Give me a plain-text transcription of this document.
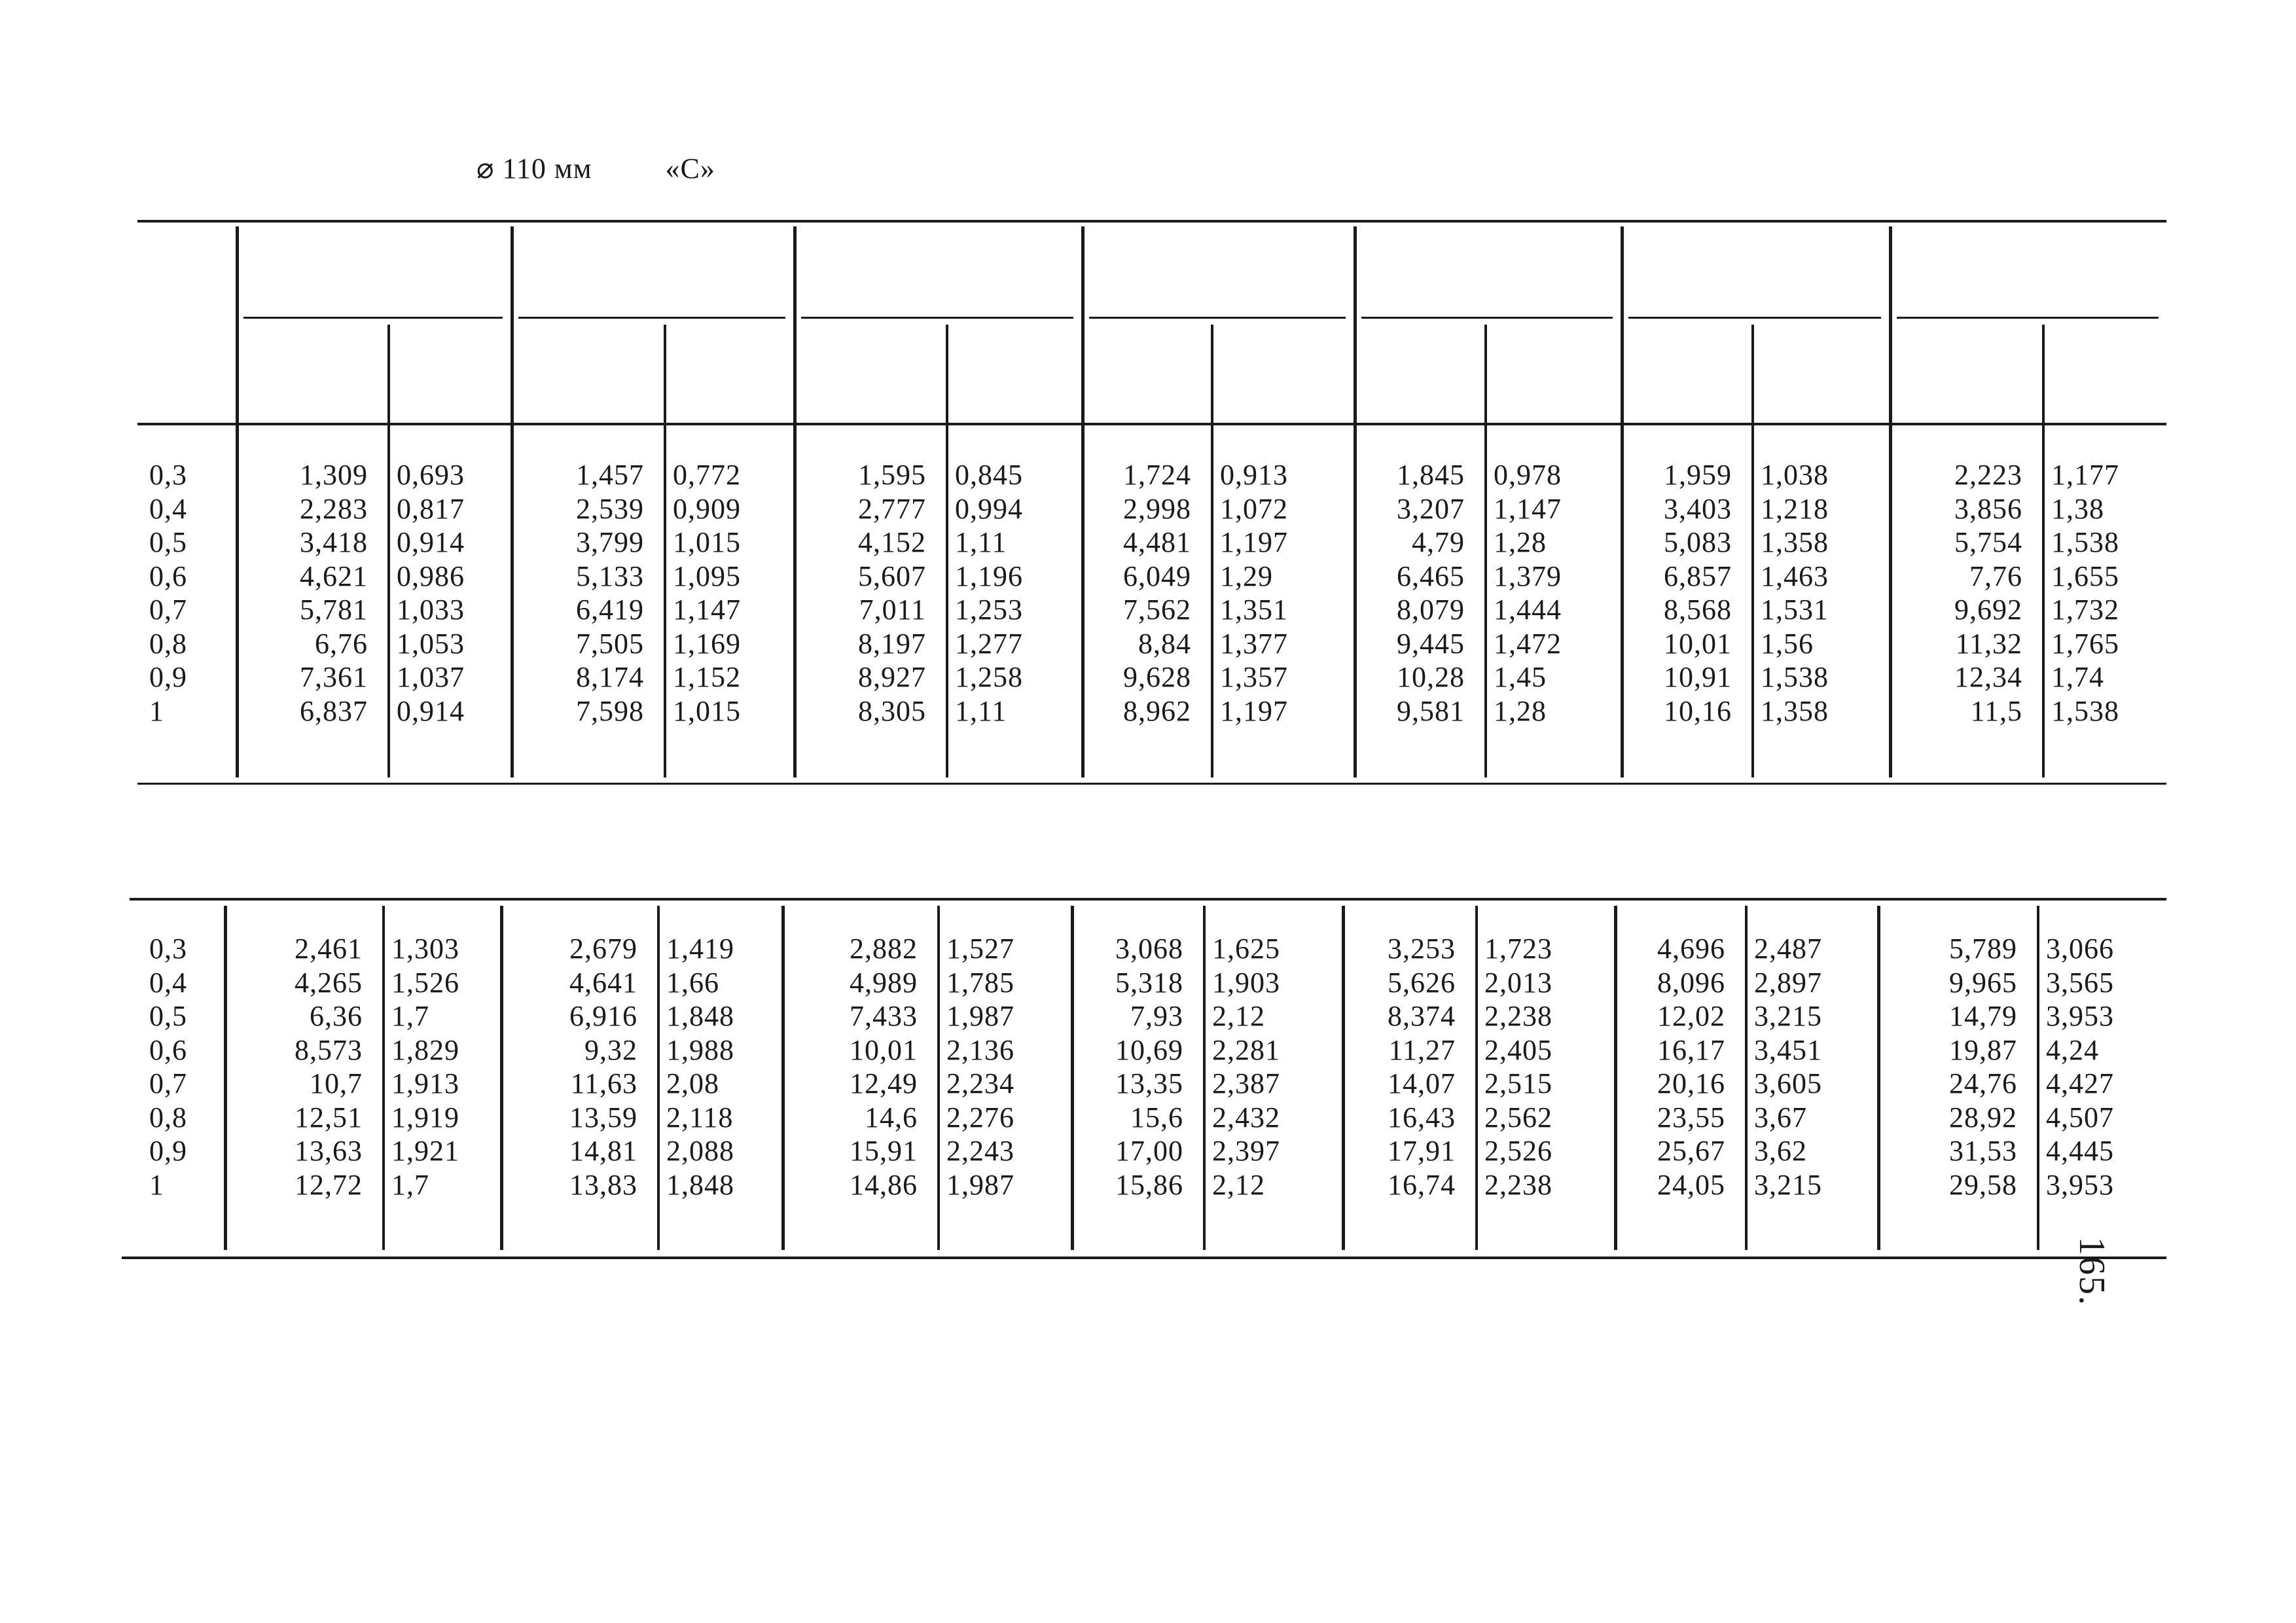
⌀ 110 мм	«С»
1,309
2,283
3,418
4,621
5,781
6,76
7,361
6,837
0,693
0,817
0,914
0,986
1,033
1,053
1,037
0,914
1,457
2,539
3,799
5,133
6,419
7,505
8,174
7,598
0,772
0,909
1,015
1,095
1,147
1,169
1,152
1,015
1,595
2,777
4,152
5,607
7,011
8,197
8,927
8,305
0,845
0,994
1,11
1,196
1,253
1,277
1,258
1,11
1,724
2,998
4,481
6,049
7,562
8,84
9,628
8,962
0,913
1,072
1,197
1,29
1,351
1,377
1,357
1,197
1,845
3,207
4,79
6,465
8,079
9,445
10,28
9,581
0,978
1,147
1,28
1,379
1,444
1,472
1,45
1,28
1,959
3,403
5,083
6,857
8,568
10,01
10,91
10,16
1,038
1,218
1,358
1,463
1,531
1,56
1,538
1,358
2,223
3,856
5,754
7,76
9,692
11,32
12,34
11,5
1,177
1,38
1,538
1,655
1,732
1,765
1,74
1,538
0,3
0,4
0,5
0,6
0,7
0,8
0,9
1
2,461
4,265
6,36
8,573
10,7
12,51
13,63
12,72
1,303
1,526
1,7
1,829
1,913
1,919
1,921
1,7
2,679
4,641
6,916
9,32
11,63
13,59
14,81
13,83
1,419
1,66
1,848
1,988
2,08
2,118
2,088
1,848
2,882
4,989
7,433
10,01
12,49
14,6
15,91
14,86
1,527
1,785
1,987
2,136
2,234
2,276
2,243
1,987
3,068
5,318
7,93
10,69
13,35
15,6
17,00
15,86
1,625
1,903
2,12
2,281
2,387
2,432
2,397
2,12
3,253
5,626
8,374
11,27
14,07
16,43
17,91
16,74
1,723
2,013
2,238
2,405
2,515
2,562
2,526
2,238
4,696
8,096
12,02
16,17
20,16
23,55
25,67
24,05
2,487
2,897
3,215
3,451
3,605
3,67
3,62
3,215
5,789
9,965
14,79
19,87
24,76
28,92
31,53
29,58
3,066
3,565
3,953
4,24
4,427
4,507
4,445
3,953
0,3
0,4
0,5
0,6
0,7
0,8
0,9
1
165.
